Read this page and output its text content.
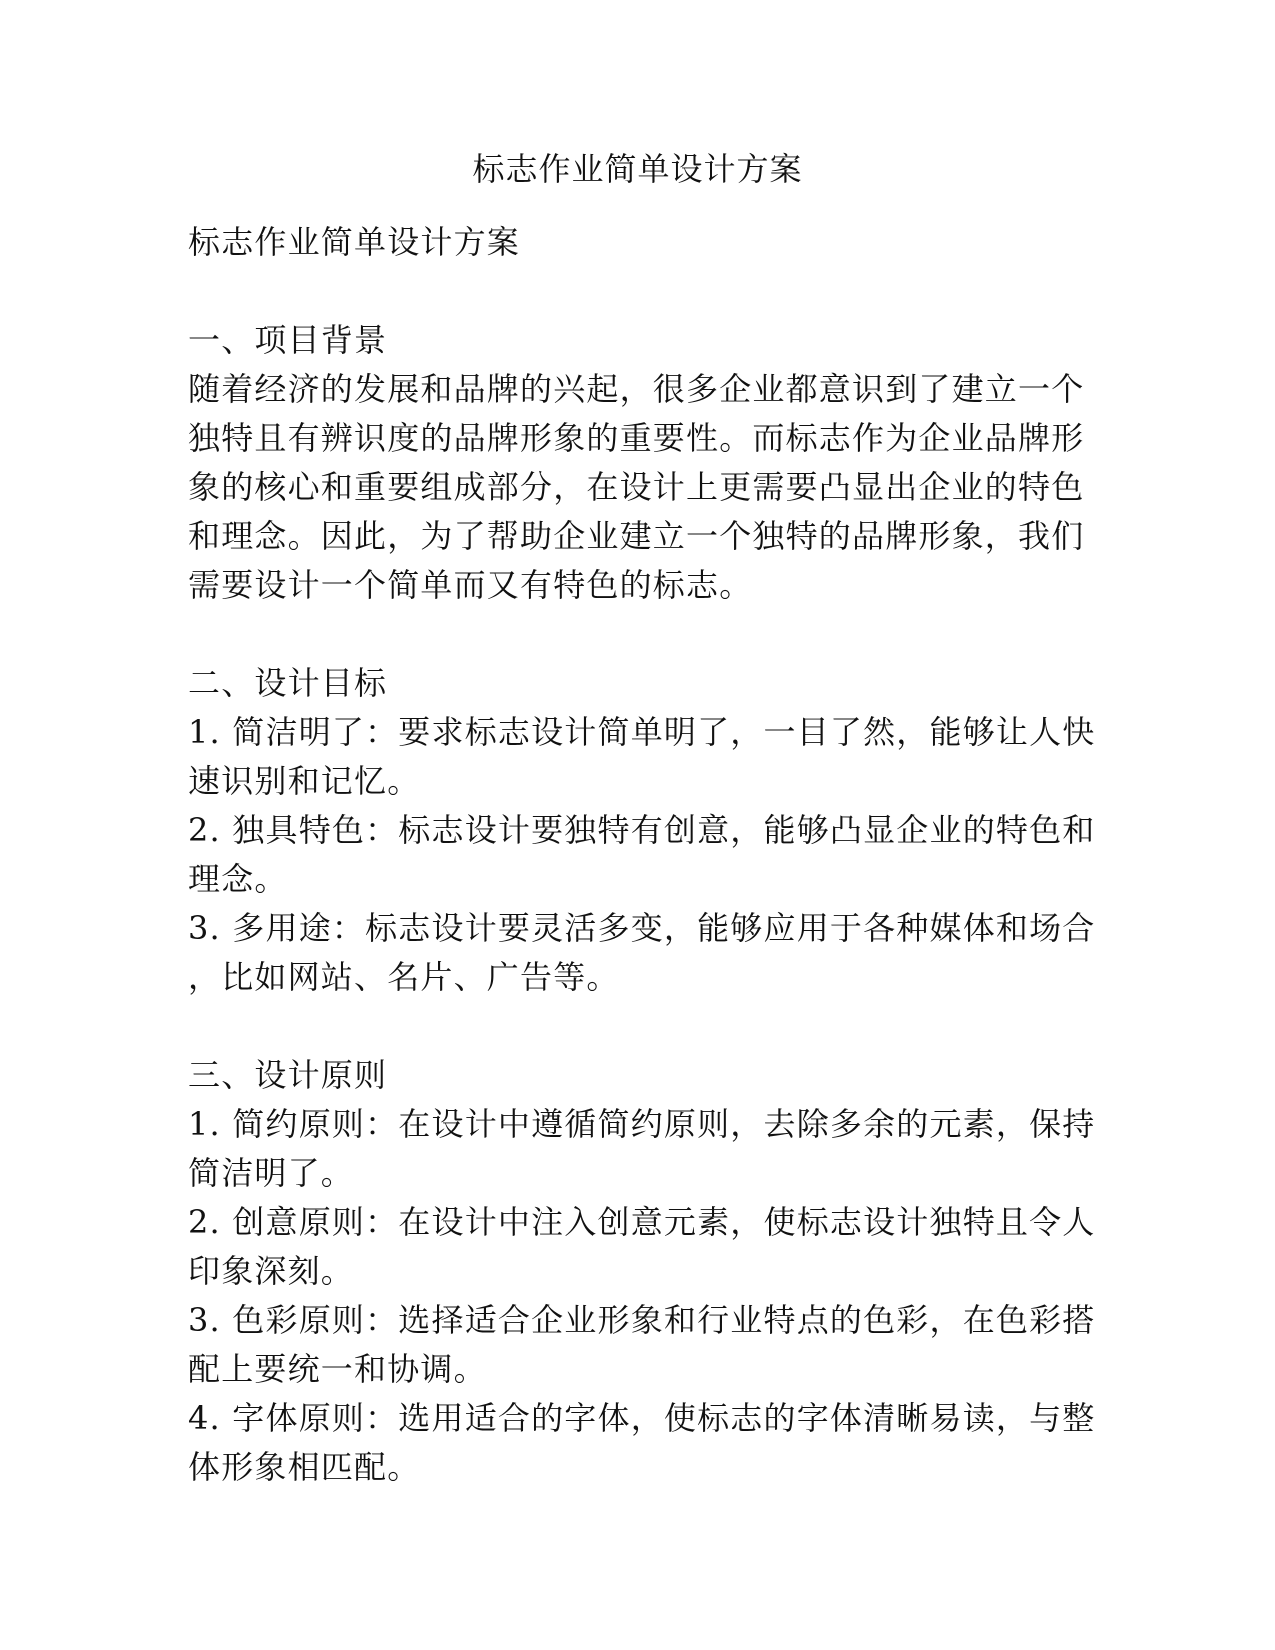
标志作业简单设计方案
标志作业简单设计方案
一、项目背景
随着经济的发展和品牌的兴起，很多企业都意识到了建立一个
独特且有辨识度的品牌形象的重要性。而标志作为企业品牌形
象的核心和重要组成部分，在设计上更需要凸显出企业的特色
和理念。因此，为了帮助企业建立一个独特的品牌形象，我们
需要设计一个简单而又有特色的标志。
二、设计目标
1. 简洁明了：要求标志设计简单明了，一目了然，能够让人快
速识别和记忆。
2. 独具特色：标志设计要独特有创意，能够凸显企业的特色和
理念。
3. 多用途：标志设计要灵活多变，能够应用于各种媒体和场合
，比如网站、名片、广告等。
三、设计原则
1. 简约原则：在设计中遵循简约原则，去除多余的元素，保持
简洁明了。
2. 创意原则：在设计中注入创意元素，使标志设计独特且令人
印象深刻。
3. 色彩原则：选择适合企业形象和行业特点的色彩，在色彩搭
配上要统一和协调。
4. 字体原则：选用适合的字体，使标志的字体清晰易读，与整
体形象相匹配。
